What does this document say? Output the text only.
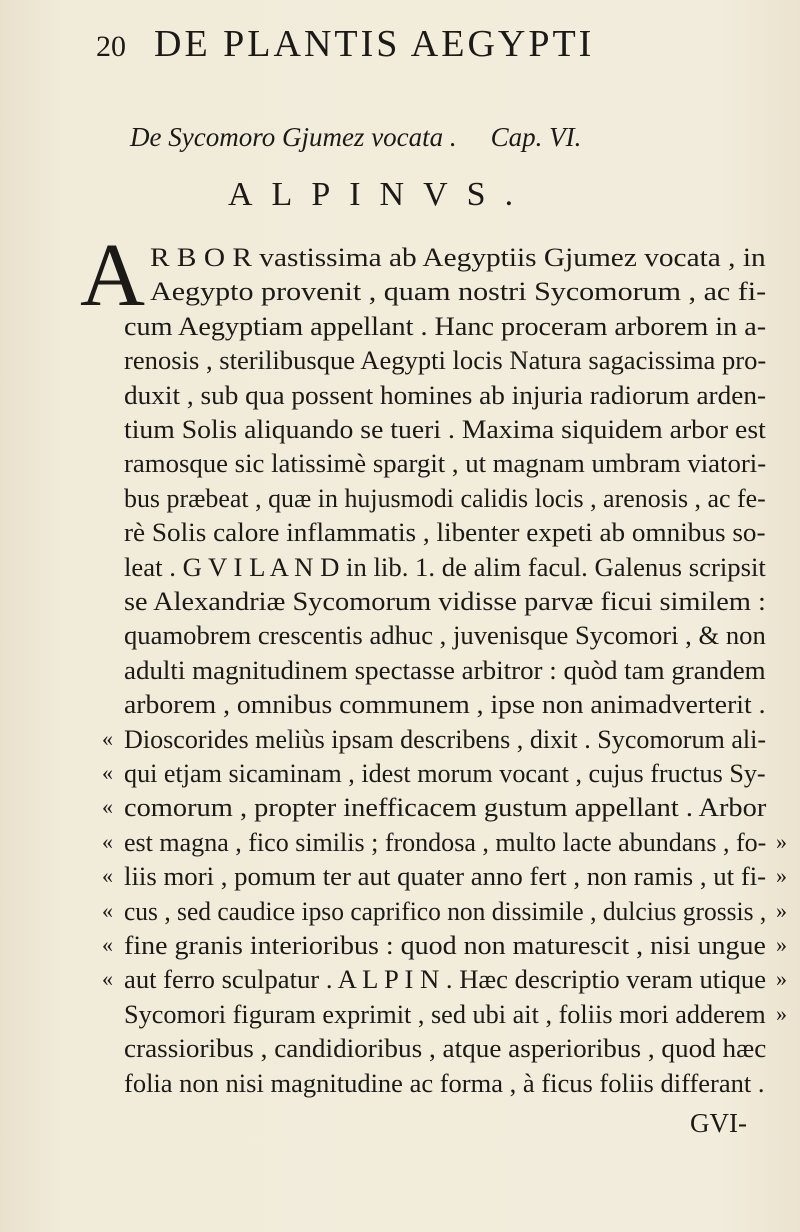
20 DE PLANTIS AEGYPTI
De Sycomoro Gjumez vocata . Cap. VI.
ALPINVS.
A R B O R vastissima ab Aegyptiis Gjumez vocata , in
Aegypto provenit , quam nostri Sycomorum , ac fi-
cum Aegyptiam appellant . Hanc proceram arborem in a-
renosis , sterilibusque Aegypti locis Natura sagacissima pro-
duxit , sub qua possent homines ab injuria radiorum arden-
tium Solis aliquando se tueri . Maxima siquidem arbor est
ramosque sic latissimè spargit , ut magnam umbram viatori-
bus præbeat , quæ in hujusmodi calidis locis , arenosis , ac fe-
rè Solis calore inflammatis , libenter expeti ab omnibus so-
leat . G V I L A N D in lib. 1. de alim facul. Galenus scripsit
se Alexandriæ Sycomorum vidisse parvæ ficui similem :
quamobrem crescentis adhuc , juvenisque Sycomori , & non
adulti magnitudinem spectasse arbitror : quòd tam grandem
arborem , omnibus communem , ipse non animadverterit .
Dioscorides meliùs ipsam describens , dixit . Sycomorum ali-
qui etjam sicaminam , idest morum vocant , cujus fructus Sy-
comorum , propter inefficacem gustum appellant . Arbor
est magna , fico similis ; frondosa , multo lacte abundans , fo-
liis mori , pomum ter aut quater anno fert , non ramis , ut fi-
cus , sed caudice ipso caprifico non dissimile , dulcius grossis ,
fine granis interioribus : quod non maturescit , nisi ungue
aut ferro sculpatur . A L P I N . Hæc descriptio veram utique
Sycomori figuram exprimit , sed ubi ait , foliis mori adderem
crassioribus , candidioribus , atque asperioribus , quod hæc
folia non nisi magnitudine ac forma , à ficus foliis differant .
«
«
«
«
«
«
«
«
»
»
»
»
»
»
GVI-
